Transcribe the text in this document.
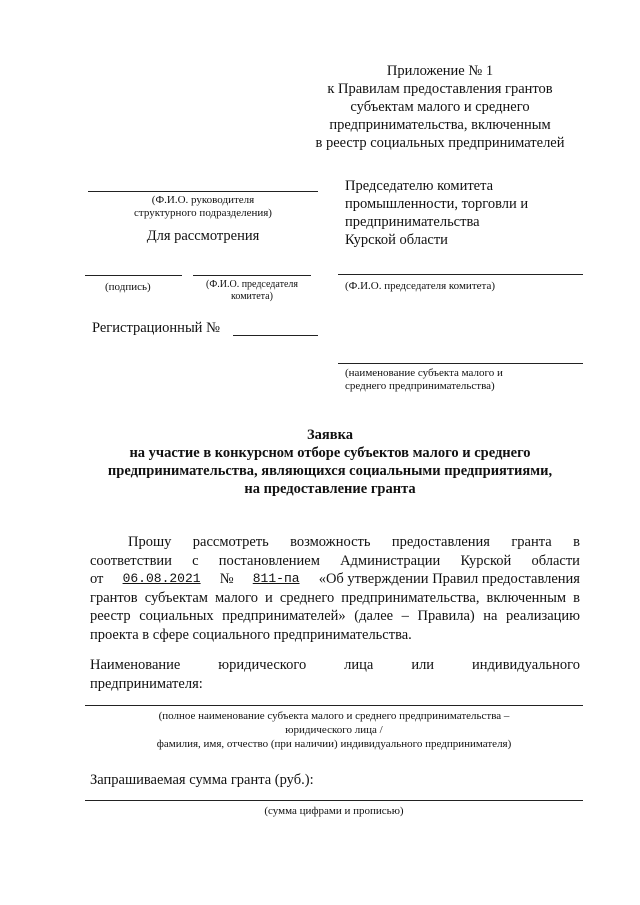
Приложение № 1
к Правилам предоставления грантов
субъектам малого и среднего
предпринимательства, включенным
в реестр социальных предпринимателей
(Ф.И.О. руководителя
структурного подразделения)
Для рассмотрения
(подпись)	(Ф.И.О. председателя
комитета)
Регистрационный №
Председателю комитета
промышленности, торговли и
предпринимательства
Курской области
(Ф.И.О. председателя комитета)
(наименование субъекта малого и
среднего предпринимательства)
Заявка
на участие в конкурсном отборе субъектов малого и среднего
предпринимательства, являющихся социальными предприятиями,
на предоставление гранта
Прошу рассмотреть возможность предоставления гранта в
соответствии с постановлением Администрации Курской области
от 06.08.2021 № 811-па «Об утверждении Правил предоставления
грантов субъектам малого и среднего предпринимательства, включенным в
реестр социальных предпринимателей» (далее – Правила) на реализацию
проекта в сфере социального предпринимательства.
Наименование	юридического	лица	или	индивидуального
предпринимателя:
(полное наименование субъекта малого и среднего предпринимательства –
юридического лица /
фамилия, имя, отчество (при наличии) индивидуального предпринимателя)
Запрашиваемая сумма гранта (руб.):
(сумма цифрами и прописью)
